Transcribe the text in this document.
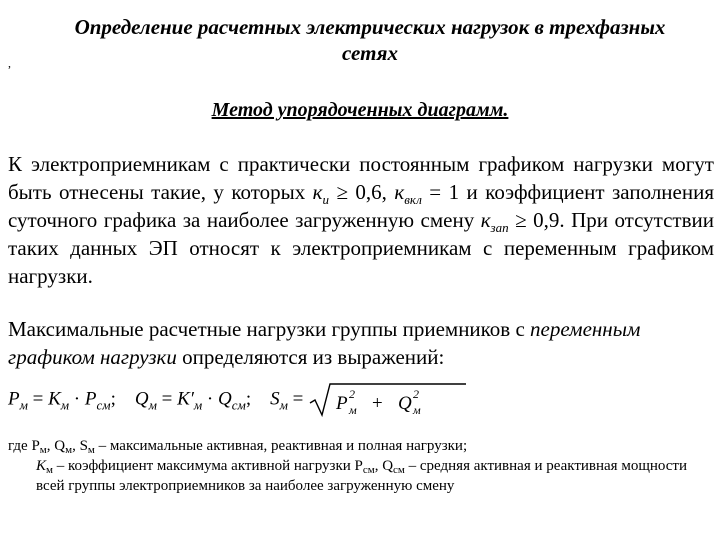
Определение расчетных электрических нагрузок в трехфазных сетях
,
Метод упорядоченных диаграмм.
К электроприемникам с практически постоянным графиком нагрузки могут быть отнесены такие, у которых $к_и \ge 0,6$, $к_{вкл} = 1$ и коэффициент заполнения суточного графика за наиболее загруженную смену $к_{зап} \ge 0,9$. При отсутствии таких данных ЭП относят к электроприемникам с переменным графиком нагрузки.
Максимальные расчетные нагрузки группы приемников с переменным графиком нагрузки определяются из выражений:
$P_м = К_м \cdot P_{см}$; $Q_м = К'_м \cdot Q_{см}$; $S_м = P$ 2
м + Q 2
м
где $P_м$, $Q_м$, $S_м$ – максимальные активная, реактивная и полная нагрузки;
$К_м$ – коэффициент максимума активной нагрузки $P_{см}$, $Q_{см}$ – средняя активная и реактивная мощности всей группы электроприемников за наиболее загруженную смену
